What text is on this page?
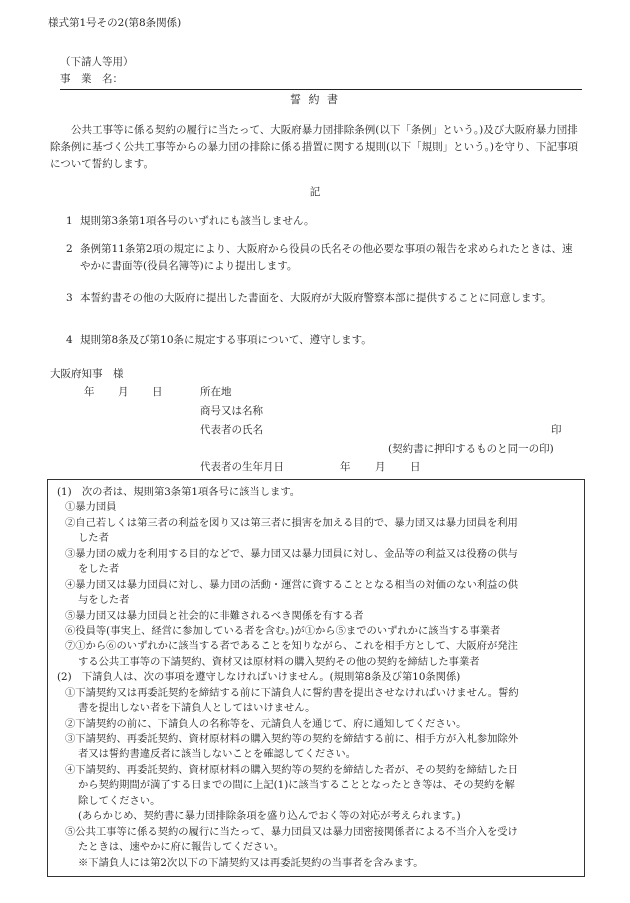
様式第1号その2(第8条関係)
（下請人等用）
事　業　名：
誓 約 書
公共工事等に係る契約の履行に当たって、大阪府暴力団排除条例(以下「条例」という。)及び大阪府暴力団排除条例に基づく公共工事等からの暴力団の排除に係る措置に関する規則(以下「規則」という。)を守り、下記事項について誓約します。
記
1 規則第3条第1項各号のいずれにも該当しません。
2 条例第11条第2項の規定により、大阪府から役員の氏名その他必要な事項の報告を求められたときは、速やかに書面等(役員名簿等)により提出します。
3 本誓約書その他の大阪府に提出した書面を、大阪府が大阪府警察本部に提供することに同意します。
4 規則第8条及び第10条に規定する事項について、遵守します。
大阪府知事　様
年 月 日	所在地
商号又は名称
代表者の氏名	印
(契約書に押印するものと同一の印)
代表者の生年月日	年 月 日
(1)　次の者は、規則第3条第1項各号に該当します。
①暴力団員
②自己若しくは第三者の利益を図り又は第三者に損害を加える目的で、暴力団又は暴力団員を利用
した者
③暴力団の威力を利用する目的などで、暴力団又は暴力団員に対し、金品等の利益又は役務の供与
をした者
④暴力団又は暴力団員に対し、暴力団の活動・運営に資することとなる相当の対価のない利益の供
与をした者
⑤暴力団又は暴力団員と社会的に非難されるべき関係を有する者
⑥役員等(事実上、経営に参加している者を含む。)が①から⑤までのいずれかに該当する事業者
⑦①から⑥のいずれかに該当する者であることを知りながら、これを相手方として、大阪府が発注
する公共工事等の下請契約、資材又は原材料の購入契約その他の契約を締結した事業者
(2)　下請負人は、次の事項を遵守しなければいけません。(規則第8条及び第10条関係)
①下請契約又は再委託契約を締結する前に下請負人に誓約書を提出させなければいけません。誓約
書を提出しない者を下請負人としてはいけません。
②下請契約の前に、下請負人の名称等を、元請負人を通じて、府に通知してください。
③下請契約、再委託契約、資材原材料の購入契約等の契約を締結する前に、相手方が入札参加除外
者又は誓約書違反者に該当しないことを確認してください。
④下請契約、再委託契約、資材原材料の購入契約等の契約を締結した者が、その契約を締結した日
から契約期間が満了する日までの間に上記(1)に該当することとなったとき等は、その契約を解
除してください。
(あらかじめ、契約書に暴力団排除条項を盛り込んでおく等の対応が考えられます。)
⑤公共工事等に係る契約の履行に当たって、暴力団員又は暴力団密接関係者による不当介入を受け
たときは、速やかに府に報告してください。
※下請負人には第2次以下の下請契約又は再委託契約の当事者を含みます。
